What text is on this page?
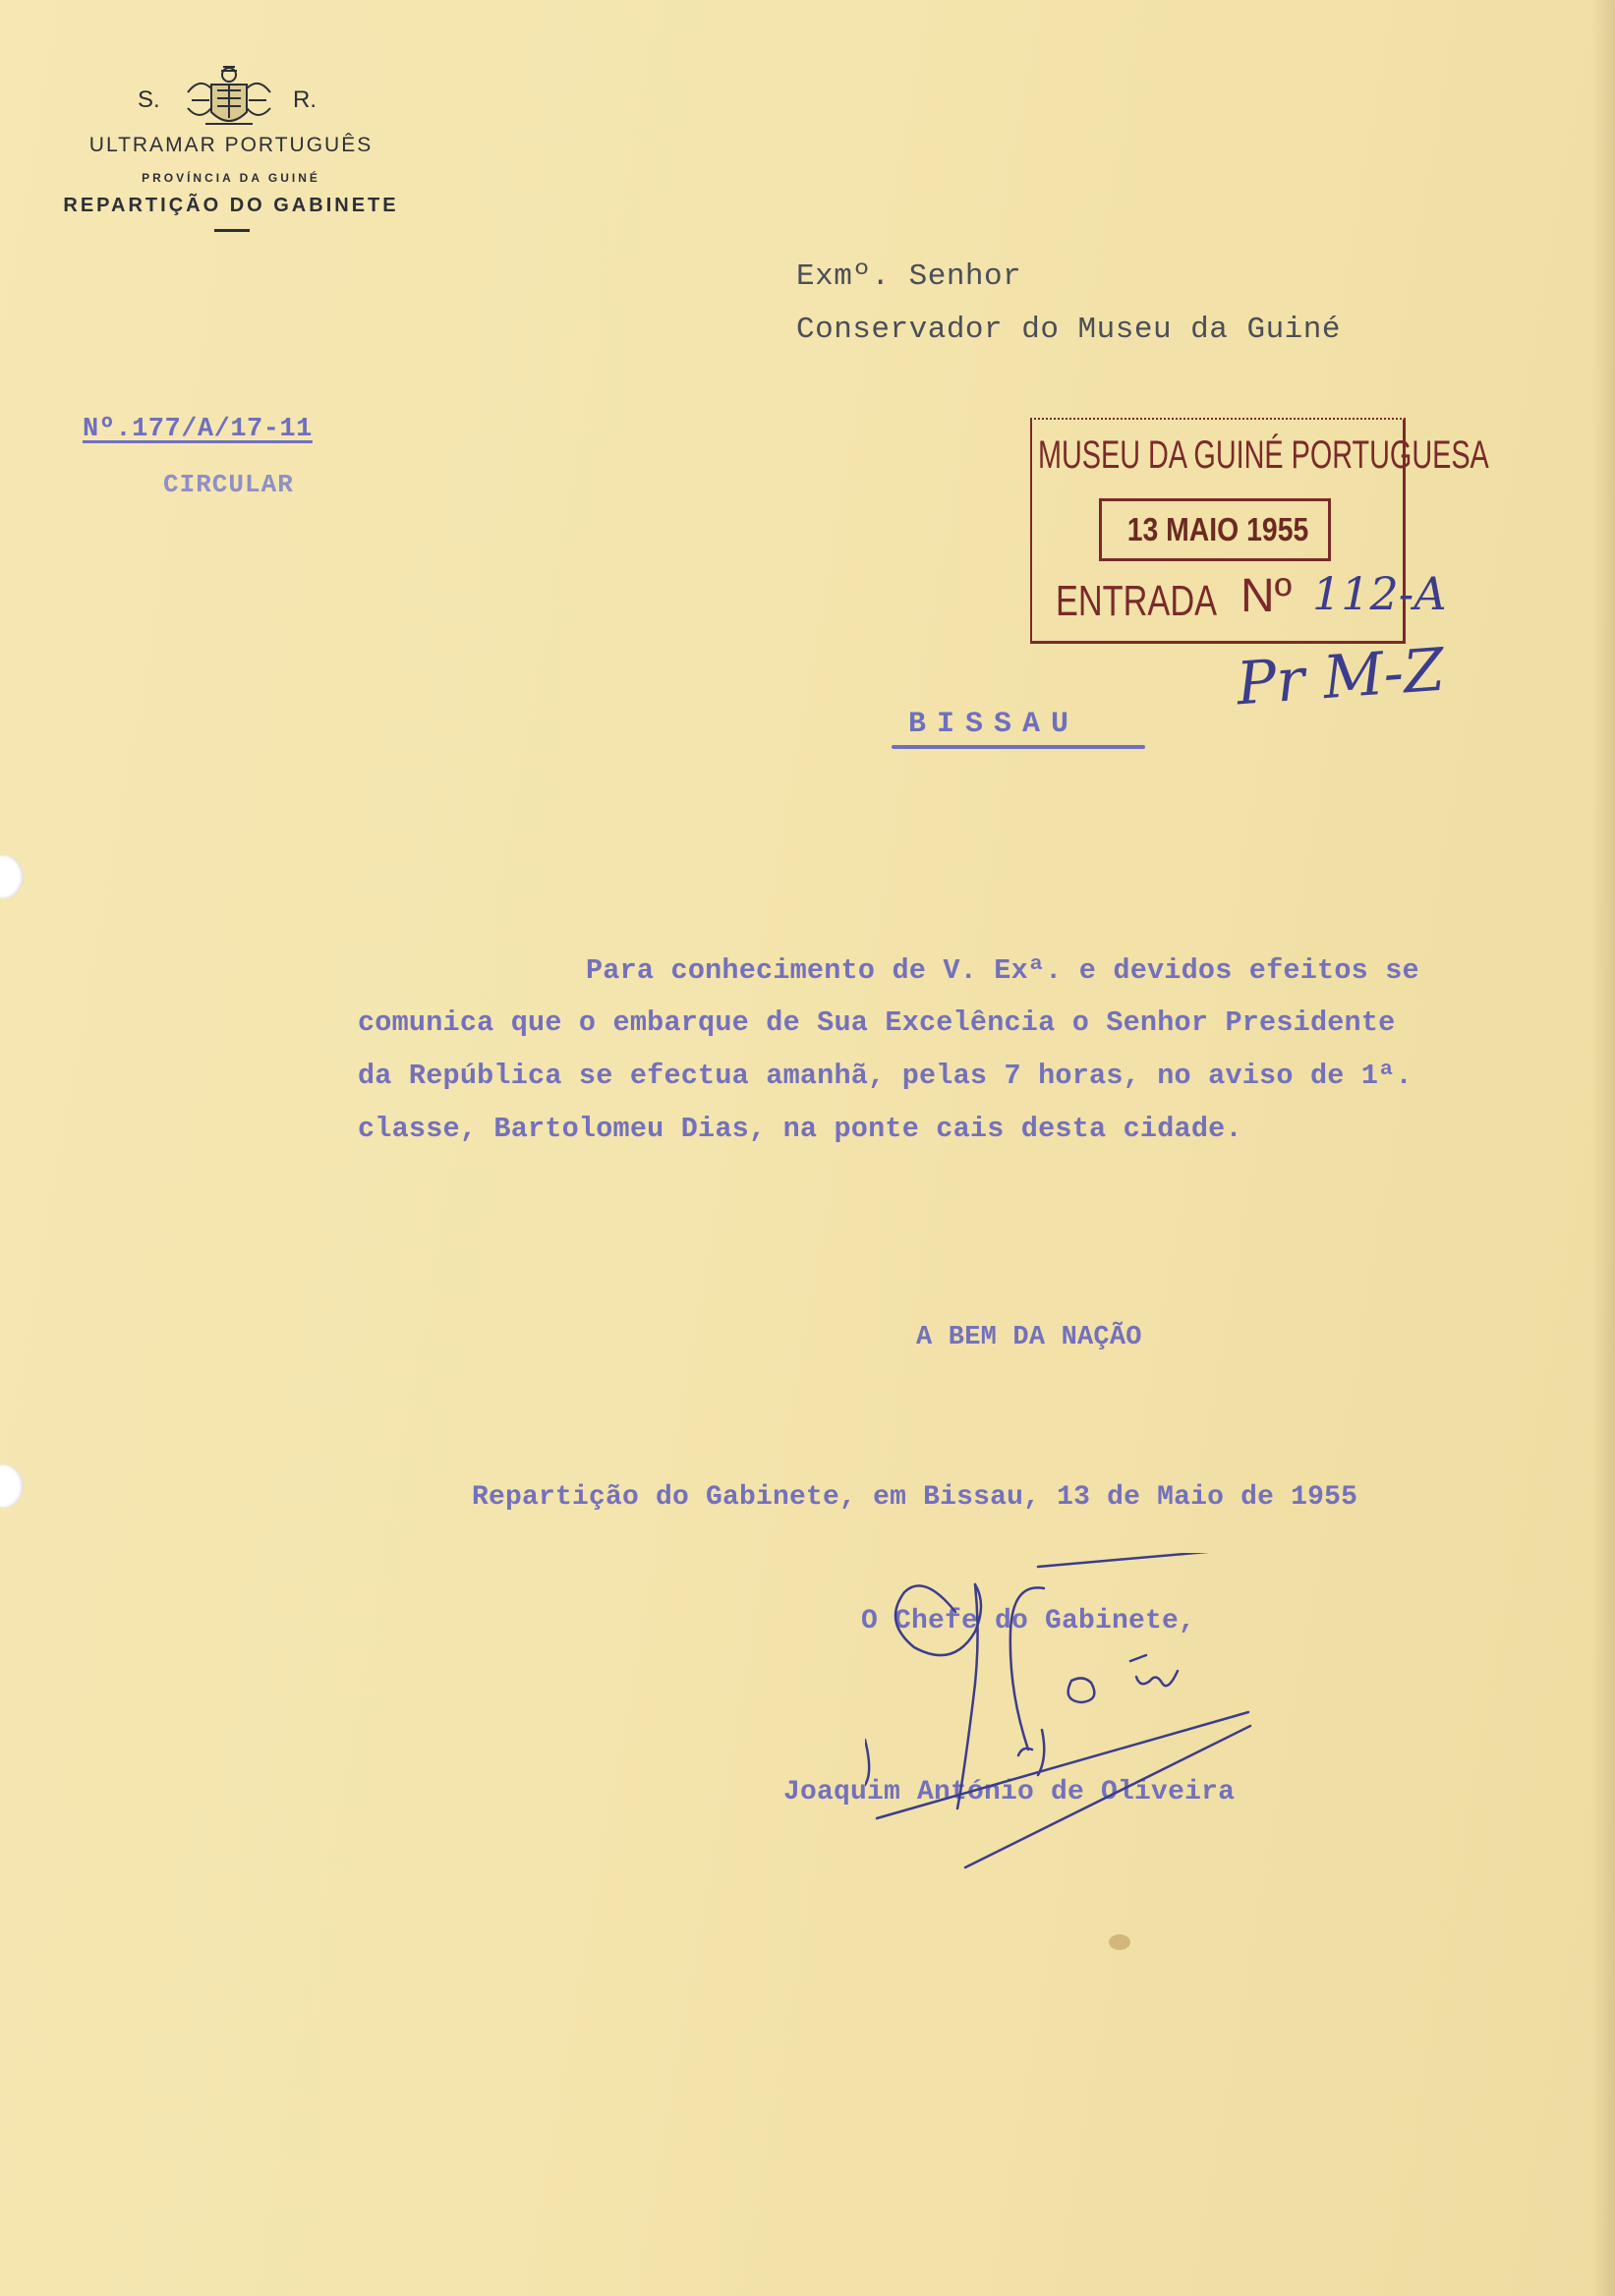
S.	R.
ULTRAMAR PORTUGUÊS
PROVÍNCIA DA GUINÉ
REPARTIÇÃO DO GABINETE
Exmº. Senhor
Conservador do Museu da Guiné
Nº.177/A/17-11
CIRCULAR
MUSEU DA GUINÉ PORTUGUESA
13 MAIO 1955
ENTRADA Nº 112-A
Pr M-Z
BISSAU
Para conhecimento de V. Exª. e devidos efeitos se
comunica que o embarque de Sua Excelência o Senhor Presidente
da República se efectua amanhã, pelas 7 horas, no aviso de 1ª.
classe, Bartolomeu Dias, na ponte cais desta cidade.
A BEM DA NAÇÃO
Repartição do Gabinete, em Bissau, 13 de Maio de 1955
O Chefe do Gabinete,
Joaquim António de Oliveira
